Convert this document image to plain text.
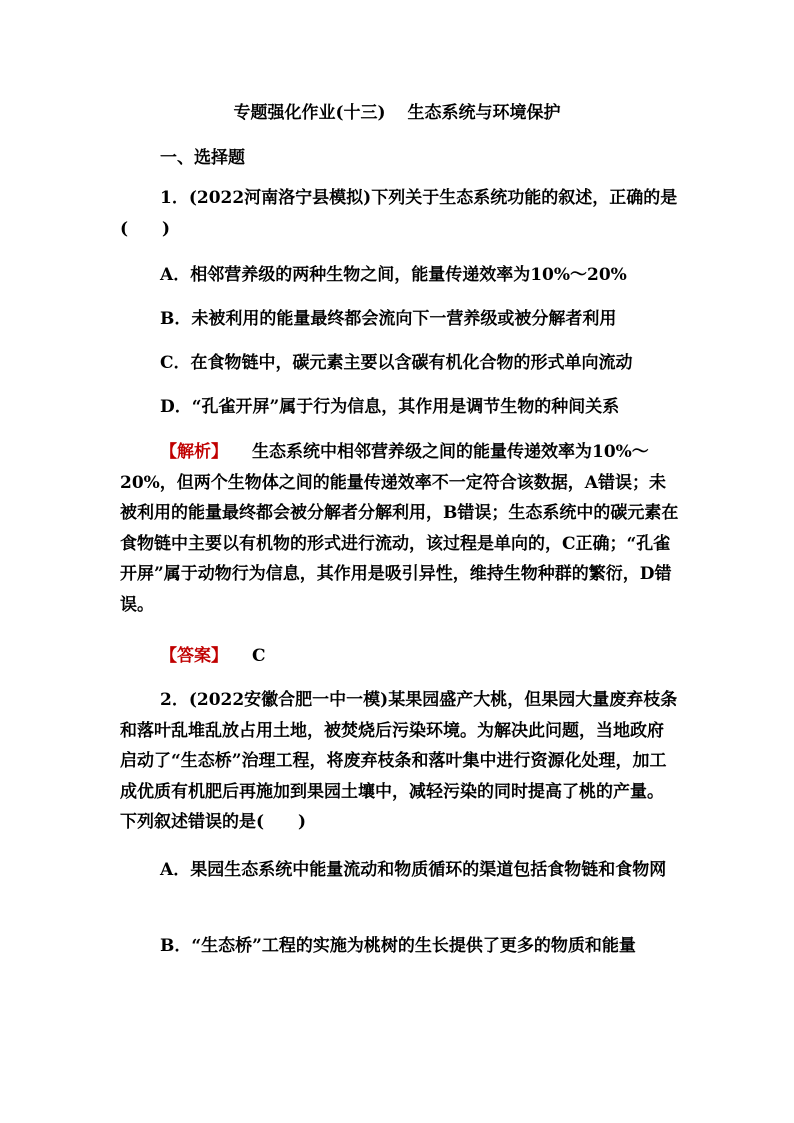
专题强化作业(十三) 生态系统与环境保护
一、选择题

1．(2022河南洛宁县模拟)下列关于生态系统功能的叙述，正确的是(　　)

A．相邻营养级的两种生物之间，能量传递效率为10%～20%
B．未被利用的能量最终都会流向下一营养级或被分解者利用
C．在食物链中，碳元素主要以含碳有机化合物的形式单向流动
D．“孔雀开屏”属于行为信息，其作用是调节生物的种间关系

【解析】 生态系统中相邻营养级之间的能量传递效率为10%～20%，但两个生物体之间的能量传递效率不一定符合该数据，A错误；未被利用的能量最终都会被分解者分解利用，B错误；生态系统中的碳元素在食物链中主要以有机物的形式进行流动，该过程是单向的，C正确；“孔雀开屏”属于动物行为信息，其作用是吸引异性，维持生物种群的繁衍，D错误。

【答案】 C

2．(2022安徽合肥一中一模)某果园盛产大桃，但果园大量废弃枝条和落叶乱堆乱放占用土地，被焚烧后污染环境。为解决此问题，当地政府启动了“生态桥”治理工程，将废弃枝条和落叶集中进行资源化处理，加工成优质有机肥后再施加到果园土壤中，减轻污染的同时提高了桃的产量。下列叙述错误的是(　　)

A．果园生态系统中能量流动和物质循环的渠道包括食物链和食物网

B．“生态桥”工程的实施为桃树的生长提供了更多的物质和能量
